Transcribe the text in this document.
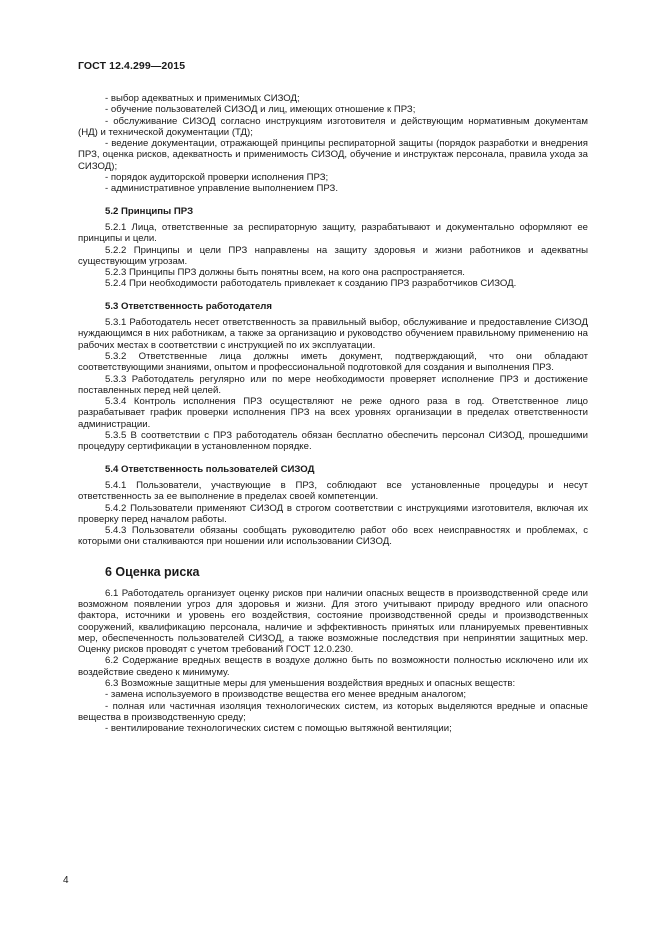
ГОСТ 12.4.299—2015

- выбор адекватных и применимых СИЗОД;

- обучение пользователей СИЗОД и лиц, имеющих отношение к ПРЗ;

- обслуживание СИЗОД согласно инструкциям изготовителя и действующим нормативным документам (НД) и технической документации (ТД);

- ведение документации, отражающей принципы респираторной защиты (порядок разработки и внедрения ПРЗ, оценка рисков, адекватность и применимость СИЗОД, обучение и инструктаж персонала, правила ухода за СИЗОД);

- порядок аудиторской проверки исполнения ПРЗ;

- административное управление выполнением ПРЗ.

5.2 Принципы ПРЗ

5.2.1 Лица, ответственные за респираторную защиту, разрабатывают и документально оформляют ее принципы и цели.

5.2.2 Принципы и цели ПРЗ направлены на защиту здоровья и жизни работников и адекватны существующим угрозам.

5.2.3 Принципы ПРЗ должны быть понятны всем, на кого она распространяется.

5.2.4 При необходимости работодатель привлекает к созданию ПРЗ разработчиков СИЗОД.

5.3 Ответственность работодателя

5.3.1 Работодатель несет ответственность за правильный выбор, обслуживание и предоставление СИЗОД нуждающимся в них работникам, а также за организацию и руководство обучением правильному применению на рабочих местах в соответствии с инструкцией по их эксплуатации.

5.3.2 Ответственные лица должны иметь документ, подтверждающий, что они обладают соответствующими знаниями, опытом и профессиональной подготовкой для создания и выполнения ПРЗ.

5.3.3 Работодатель регулярно или по мере необходимости проверяет исполнение ПРЗ и достижение поставленных перед ней целей.

5.3.4 Контроль исполнения ПРЗ осуществляют не реже одного раза в год. Ответственное лицо разрабатывает график проверки исполнения ПРЗ на всех уровнях организации в пределах ответственности администрации.

5.3.5 В соответствии с ПРЗ работодатель обязан бесплатно обеспечить персонал СИЗОД, прошедшими процедуру сертификации в установленном порядке.

5.4 Ответственность пользователей СИЗОД

5.4.1 Пользователи, участвующие в ПРЗ, соблюдают все установленные процедуры и несут ответственность за ее выполнение в пределах своей компетенции.

5.4.2 Пользователи применяют СИЗОД в строгом соответствии с инструкциями изготовителя, включая их проверку перед началом работы.

5.4.3 Пользователи обязаны сообщать руководителю работ обо всех неисправностях и проблемах, с которыми они сталкиваются при ношении или использовании СИЗОД.

6 Оценка риска

6.1 Работодатель организует оценку рисков при наличии опасных веществ в производственной среде или возможном появлении угроз для здоровья и жизни. Для этого учитывают природу вредного или опасного фактора, источники и уровень его воздействия, состояние производственной среды и производственных сооружений, квалификацию персонала, наличие и эффективность принятых или планируемых превентивных мер, обеспеченность пользователей СИЗОД, а также возможные последствия при непринятии защитных мер. Оценку рисков проводят с учетом требований ГОСТ 12.0.230.

6.2 Содержание вредных веществ в воздухе должно быть по возможности полностью исключено или их воздействие сведено к минимуму.

6.3 Возможные защитные меры для уменьшения воздействия вредных и опасных веществ:

- замена используемого в производстве вещества его менее вредным аналогом;

- полная или частичная изоляция технологических систем, из которых выделяются вредные и опасные вещества в производственную среду;

- вентилирование технологических систем с помощью вытяжной вентиляции;

4
